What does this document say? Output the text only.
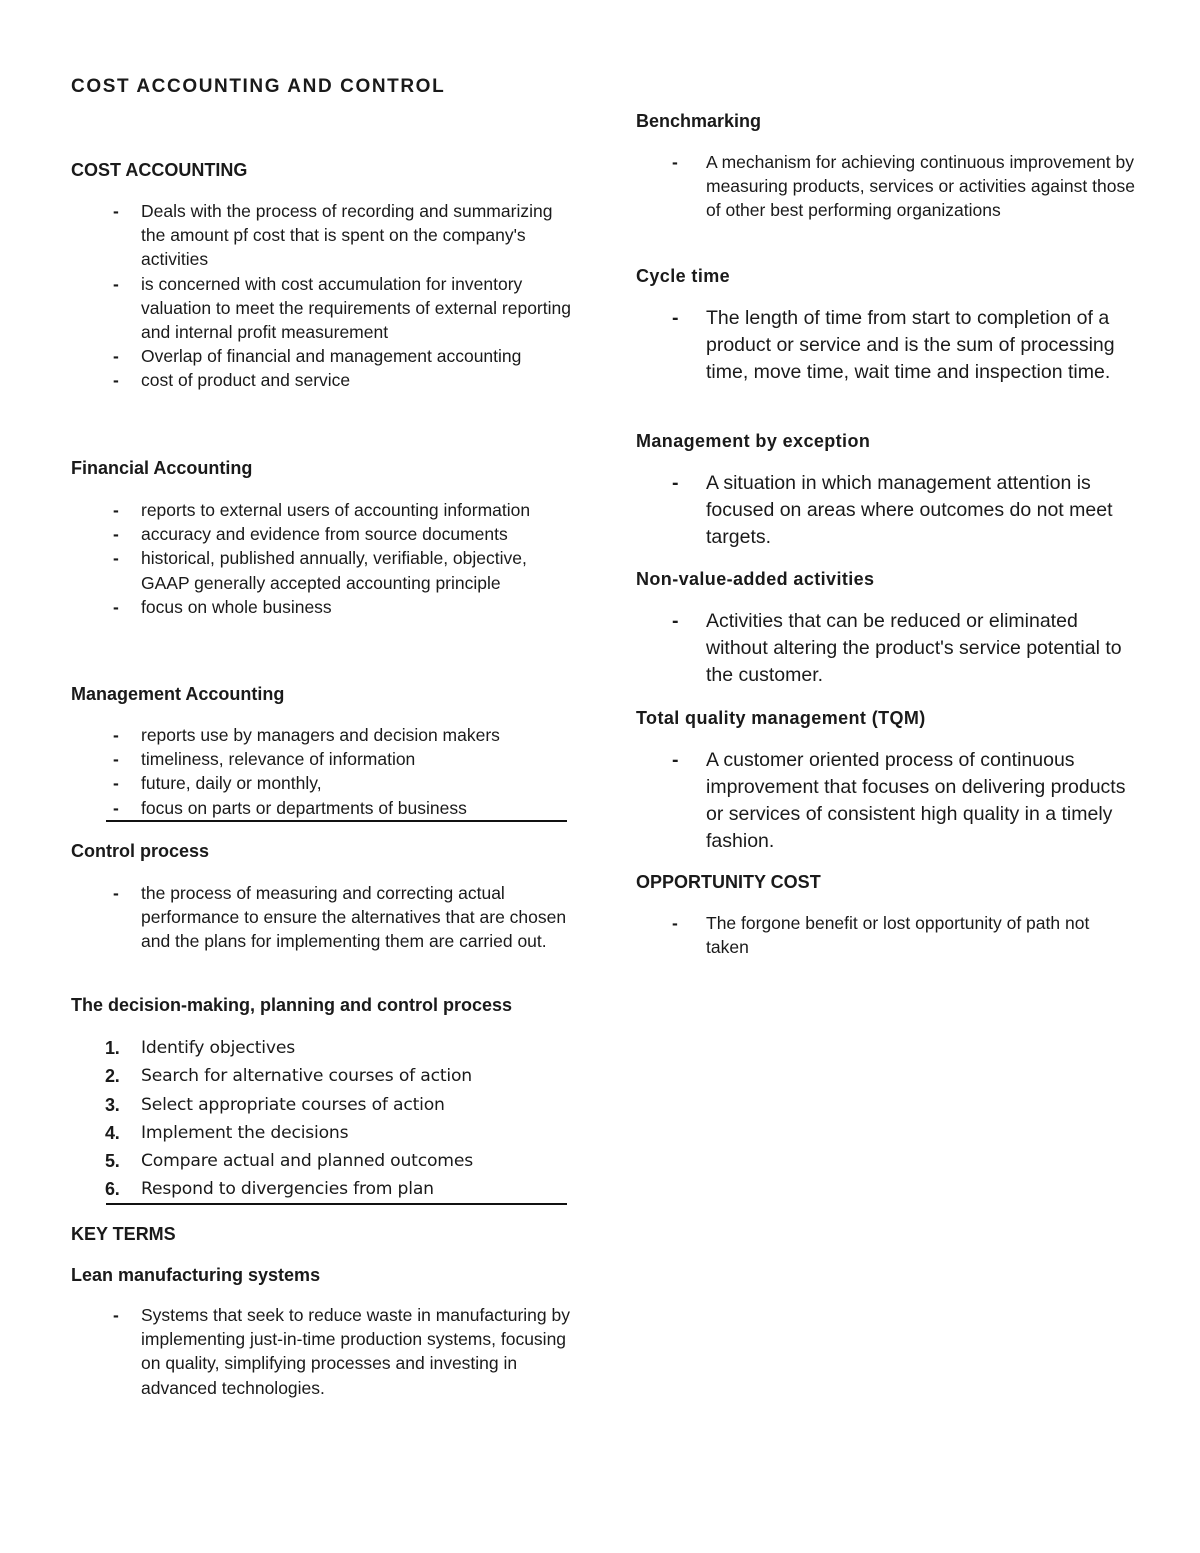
COST ACCOUNTING AND CONTROL
COST ACCOUNTING
- Deals with the process of recording and summarizing the amount pf cost that is spent on the company's activities
- is concerned with cost accumulation for inventory valuation to meet the requirements of external reporting and internal profit measurement
- Overlap of financial and management accounting
- cost of product and service
Financial Accounting
- reports to external users of accounting information
- accuracy and evidence from source documents
- historical, published annually, verifiable, objective, GAAP generally accepted accounting principle
- focus on whole business
Management Accounting
- reports use by managers and decision makers
- timeliness, relevance of information
- future, daily or monthly,
- focus on parts or departments of business
Control process
- the process of measuring and correcting actual performance to ensure the alternatives that are chosen and the plans for implementing them are carried out.
The decision-making, planning and control process
1. Identify objectives
2. Search for alternative courses of action
3. Select appropriate courses of action
4. Implement the decisions
5. Compare actual and planned outcomes
6. Respond to divergencies from plan
KEY TERMS
Lean manufacturing systems
- Systems that seek to reduce waste in manufacturing by implementing just-in-time production systems, focusing on quality, simplifying processes and investing in advanced technologies.
Benchmarking
- A mechanism for achieving continuous improvement by measuring products, services or activities against those of other best performing organizations
Cycle time
- The length of time from start to completion of a product or service and is the sum of processing time, move time, wait time and inspection time.
Management by exception
- A situation in which management attention is focused on areas where outcomes do not meet targets.
Non-value-added activities
- Activities that can be reduced or eliminated without altering the product's service potential to the customer.
Total quality management (TQM)
- A customer oriented process of continuous improvement that focuses on delivering products or services of consistent high quality in a timely fashion.
OPPORTUNITY COST
- The forgone benefit or lost opportunity of path not taken
